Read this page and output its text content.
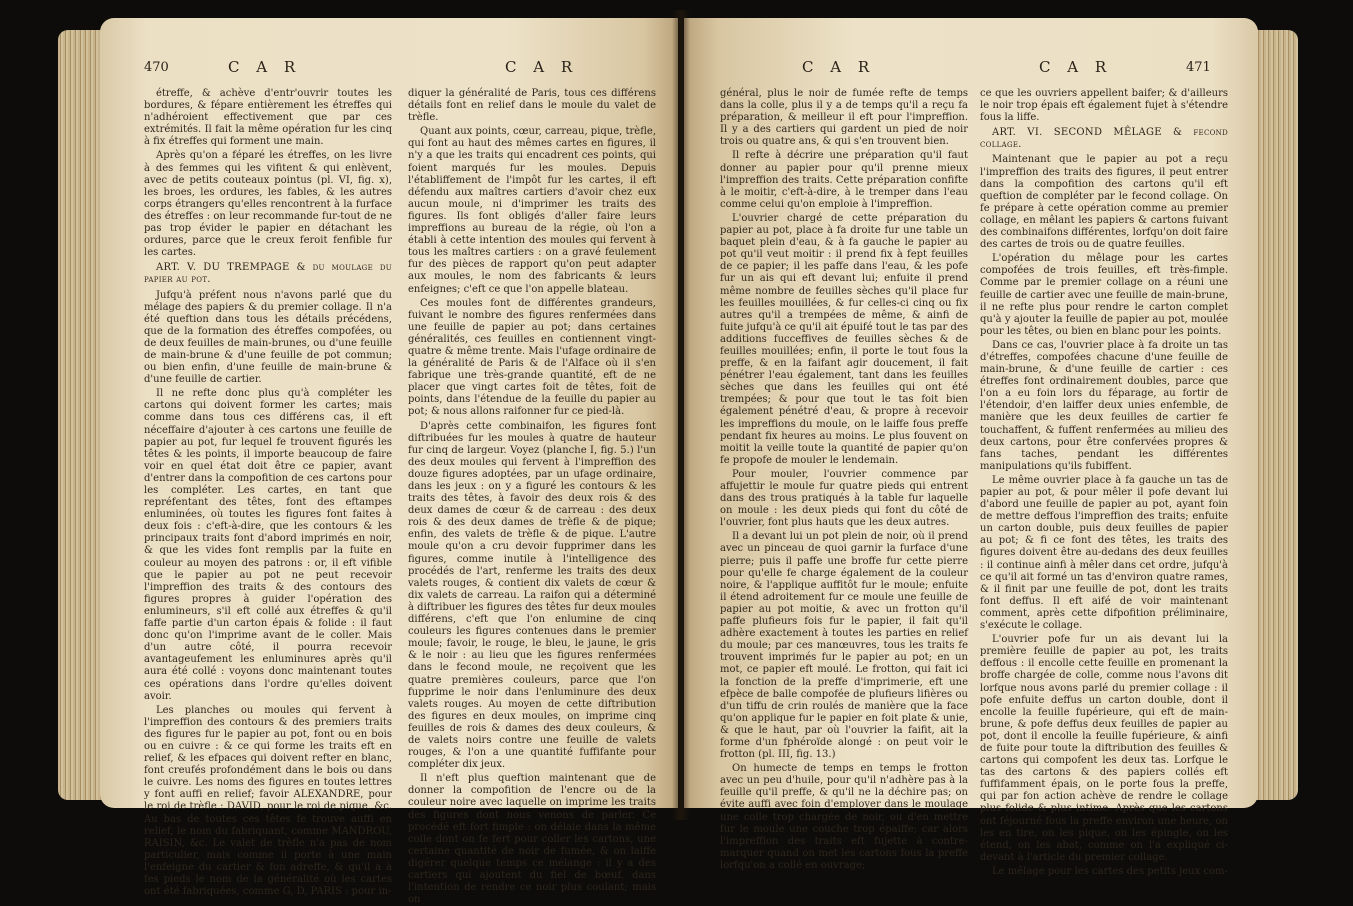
470	C A R	C A R

étreffe, & achève d'entr'ouvrir toutes les bordures, & fépare entièrement les étreffes qui n'adhéroient effectivement que par ces extrémités. Il fait la même opération fur les cinq à fix étreffes qui forment une main.

Après qu'on a féparé les étreffes, on les livre à des femmes qui les vifitent & qui enlèvent, avec de petits couteaux pointus (pl. VI, fig. x), les broes, les ordures, les fables, & les autres corps étrangers qu'elles rencontrent à la furface des étreffes : on leur recommande fur-tout de ne pas trop évider le papier en détachant les ordures, parce que le creux feroit fenfible fur les cartes.

ART. V. DU TREMPAGE & du moulage du papier au pot.

Jufqu'à préfent nous n'avons parlé que du mélage des papiers & du premier collage. Il n'a été queftion dans tous les détails précédens, que de la formation des étreffes compofées, ou de deux feuilles de main-brunes, ou d'une feuille de main-brune & d'une feuille de pot commun; ou bien enfin, d'une feuille de main-brune & d'une feuille de cartier.

Il ne refte donc plus qu'à compléter les cartons qui doivent former les cartes; mais comme dans tous ces différens cas, il eft néceffaire d'ajouter à ces cartons une feuille de papier au pot, fur lequel fe trouvent figurés les têtes & les points, il importe beaucoup de faire voir en quel état doit être ce papier, avant d'entrer dans la compofition de ces cartons pour les compléter. Les cartes, en tant que repréfentant des têtes, font des eftampes enluminées, où toutes les figures font faites à deux fois : c'eft-à-dire, que les contours & les principaux traits font d'abord imprimés en noir, & que les vides font remplis par la fuite en couleur au moyen des patrons : or, il eft vifible que le papier au pot ne peut recevoir l'impreffion des traits & des contours des figures propres à guider l'opération des enlumineurs, s'il eft collé aux étreffes & qu'il faffe partie d'un carton épais & folide : il faut donc qu'on l'imprime avant de le coller. Mais d'un autre côté, il pourra recevoir avantageufement les enluminures après qu'il aura été collé : voyons donc maintenant toutes ces opérations dans l'ordre qu'elles doivent avoir.

Les planches ou moules qui fervent à l'impreffion des contours & des premiers traits des figures fur le papier au pot, font ou en bois ou en cuivre : & ce qui forme les traits eft en relief, & les efpaces qui doivent refter en blanc, font creufés profondément dans le bois ou dans le cuivre. Les noms des figures en toutes lettres y font auffi en relief; favoir ALEXANDRE, pour le roi de trèfle : DAVID, pour le roi de pique, &c. Au bas de toutes ces têtes fe trouve auffi en relief, le nom du fabriquant, comme MANDROU, RAISIN, &c. Le valet de trèfle n'a pas de nom particulier, mais comme il porte à une main l'enfeigne du cartier & fon adreffe, & qu'il a à fes pieds le nom de la généralité où les cartes ont été fabriquées, comme G, D, PARIS : pour in-

diquer la généralité de Paris, tous ces différens détails font en relief dans le moule du valet de trèfle.

Quant aux points, cœur, carreau, pique, trèfle, qui font au haut des mêmes cartes en figures, il n'y a que les traits qui encadrent ces points, qui foient marqués fur les moules. Depuis l'établiffement de l'impôt fur les cartes, il eft défendu aux maîtres cartiers d'avoir chez eux aucun moule, ni d'imprimer les traits des figures. Ils font obligés d'aller faire leurs impreffions au bureau de la régie, où l'on a établi à cette intention des moules qui fervent à tous les maîtres cartiers : on a gravé feulement fur des pièces de rapport qu'on peut adapter aux moules, le nom des fabricants & leurs enfeignes; c'eft ce que l'on appelle blateau.

Ces moules font de différentes grandeurs, fuivant le nombre des figures renfermées dans une feuille de papier au pot; dans certaines généralités, ces feuilles en contiennent vingt-quatre & même trente. Mais l'ufage ordinaire de la généralité de Paris & de l'Alface où il s'en fabrique une très-grande quantité, eft de ne placer que vingt cartes foit de têtes, foit de points, dans l'étendue de la feuille du papier au pot; & nous allons raifonner fur ce pied-là.

D'après cette combinaifon, les figures font diftribuées fur les moules à quatre de hauteur fur cinq de largeur. Voyez (planche I, fig. 5.) l'un des deux moules qui fervent à l'impreffion des douze figures adoptées, par un ufage ordinaire, dans les jeux : on y a figuré les contours & les traits des têtes, à favoir des deux rois & des deux dames de cœur & de carreau : des deux rois & des deux dames de trèfle & de pique; enfin, des valets de trèfle & de pique. L'autre moule qu'on a cru devoir fupprimer dans les figures, comme inutile à l'intelligence des procédés de l'art, renferme les traits des deux valets rouges, & contient dix valets de cœur & dix valets de carreau. La raifon qui a déterminé à diftribuer les figures des têtes fur deux moules différens, c'eft que l'on enlumine de cinq couleurs les figures contenues dans le premier moule; favoir, le rouge, le bleu, le jaune, le gris & le noir : au lieu que les figures renfermées dans le fecond moule, ne reçoivent que les quatre premières couleurs, parce que l'on fupprime le noir dans l'enluminure des deux valets rouges. Au moyen de cette diftribution des figures en deux moules, on imprime cinq feuilles de rois & dames des deux couleurs, & de valets noirs contre une feuille de valets rouges, & l'on a une quantité fuffifante pour compléter dix jeux.

Il n'eft plus queftion maintenant que de donner la compofition de l'encre ou de la couleur noire avec laquelle on imprime les traits des figures dont nous venons de parler. Ce procédé eft fort fimple : on délaie dans la même colle dont on fe fert pour coller les cartons, une certaine quantité de noir de fumée, & on laiffe digérer quelque temps ce mélange : il y a des cartiers qui ajoutent du fiel de bœuf, dans l'intention de rendre ce noir plus coulant; mais on

C A R	C A R	471

général, plus le noir de fumée refte de temps dans la colle, plus il y a de temps qu'il a reçu fa préparation, & meilleur il eft pour l'impreffion. Il y a des cartiers qui gardent un pied de noir trois ou quatre ans, & qui s'en trouvent bien.

Il refte à décrire une préparation qu'il faut donner au papier pour qu'il prenne mieux l'impreffion des traits. Cette préparation confifte à le moitir, c'eft-à-dire, à le tremper dans l'eau comme celui qu'on emploie à l'impreffion.

L'ouvrier chargé de cette préparation du papier au pot, place à fa droite fur une table un baquet plein d'eau, & à fa gauche le papier au pot qu'il veut moitir : il prend fix à fept feuilles de ce papier; il les paffe dans l'eau, & les pofe fur un ais qui eft devant lui; enfuite il prend même nombre de feuilles sèches qu'il place fur les feuilles mouillées, & fur celles-ci cinq ou fix autres qu'il a trempées de même, & ainfi de fuite jufqu'à ce qu'il ait épuifé tout le tas par des additions fucceffives de feuilles sèches & de feuilles mouillées; enfin, il porte le tout fous la preffe, & en la faifant agir doucement, il fait pénétrer l'eau également, tant dans les feuilles sèches que dans les feuilles qui ont été trempées; & pour que tout le tas foit bien également pénétré d'eau, & propre à recevoir les impreffions du moule, on le laiffe fous preffe pendant fix heures au moins. Le plus fouvent on moitit la veille toute la quantité de papier qu'on fe propofe de mouler le lendemain.

Pour mouler, l'ouvrier commence par affujettir le moule fur quatre pieds qui entrent dans des trous pratiqués à la table fur laquelle on moule : les deux pieds qui font du côté de l'ouvrier, font plus hauts que les deux autres.

Il a devant lui un pot plein de noir, où il prend avec un pinceau de quoi garnir la furface d'une pierre; puis il paffe une broffe fur cette pierre pour qu'elle fe charge également de la couleur noire, & l'applique auffitôt fur le moule; enfuite il étend adroitement fur ce moule une feuille de papier au pot moitie, & avec un frotton qu'il paffe plufieurs fois fur le papier, il fait qu'il adhère exactement à toutes les parties en relief du moule; par ces manœuvres, tous les traits fe trouvent imprimés fur le papier au pot; en un mot, ce papier eft moulé. Le frotton, qui fait ici la fonction de la preffe d'imprimerie, eft une efpèce de balle compofée de plufieurs lifières ou d'un tiffu de crin roulés de manière que la face qu'on applique fur le papier en foit plate & unie, & que le haut, par où l'ouvrier la faifit, ait la forme d'un fphéroïde alongé : on peut voir le frotton (pl. III, fig. 13.)

On humecte de temps en temps le frotton avec un peu d'huile, pour qu'il n'adhère pas à la feuille qu'il preffe, & qu'il ne la déchire pas; on évite auffi avec foin d'employer dans le moulage une colle trop chargée de noir, ou d'en mettre fur le moule une couche trop épaiffe; car alors l'impreffion des traits eft fujette à contre-marquer quand on met les cartons fous la preffe lorfqu'on a collé en ouvrage;

ce que les ouvriers appellent baifer; & d'ailleurs le noir trop épais eft également fujet à s'étendre fous la liffe.

ART. VI. SECOND MÊLAGE & fecond collage.

Maintenant que le papier au pot a reçu l'impreffion des traits des figures, il peut entrer dans la compofition des cartons qu'il eft queftion de compléter par le fecond collage. On fe prépare à cette opération comme au premier collage, en mêlant les papiers & cartons fuivant des combinaifons différentes, lorfqu'on doit faire des cartes de trois ou de quatre feuilles.

L'opération du mêlage pour les cartes compofées de trois feuilles, eft très-fimple. Comme par le premier collage on a réuni une feuille de cartier avec une feuille de main-brune, il ne refte plus pour rendre le carton complet qu'à y ajouter la feuille de papier au pot, moulée pour les têtes, ou bien en blanc pour les points.

Dans ce cas, l'ouvrier place à fa droite un tas d'étreffes, compofées chacune d'une feuille de main-brune, & d'une feuille de cartier : ces étreffes font ordinairement doubles, parce que l'on a eu foin lors du féparage, au fortir de l'étendoir, d'en laiffer deux unies enfemble, de manière que les deux feuilles de cartier fe touchaffent, & fuffent renfermées au milieu des deux cartons, pour être confervées propres & fans taches, pendant les différentes manipulations qu'ils fubiffent.

Le même ouvrier place à fa gauche un tas de papier au pot, & pour mêler il pofe devant lui d'abord une feuille de papier au pot, ayant foin de mettre deffous l'impreffion des traits; enfuite un carton double, puis deux feuilles de papier au pot; & fi ce font des têtes, les traits des figures doivent être au-dedans des deux feuilles : il continue ainfi à mêler dans cet ordre, jufqu'à ce qu'il ait formé un tas d'environ quatre rames, & il finit par une feuille de pot, dont les traits font deffus. Il eft aifé de voir maintenant comment, après cette difpofition préliminaire, s'exécute le collage.

L'ouvrier pofe fur un ais devant lui la première feuille de papier au pot, les traits deffous : il encolle cette feuille en promenant la broffe chargée de colle, comme nous l'avons dit lorfque nous avons parlé du premier collage : il pofe enfuite deffus un carton double, dont il encolle la feuille fupérieure, qui eft de main-brune, & pofe deffus deux feuilles de papier au pot, dont il encolle la feuille fupérieure, & ainfi de fuite pour toute la diftribution des feuilles & cartons qui compofent les deux tas. Lorfque le tas des cartons & des papiers collés eft fuffifamment épais, on le porte fous la preffe, qui par fon action achève de rendre le collage plus folide & plus intime. Après que les cartons ont féjourné fous la preffe environ une heure, on les en tire, on les pique, on les épingle, on les étend, on les abat, comme on l'a expliqué ci-devant à l'article du premier collage.

Le mêlage pour les cartes des petits jeux com-
